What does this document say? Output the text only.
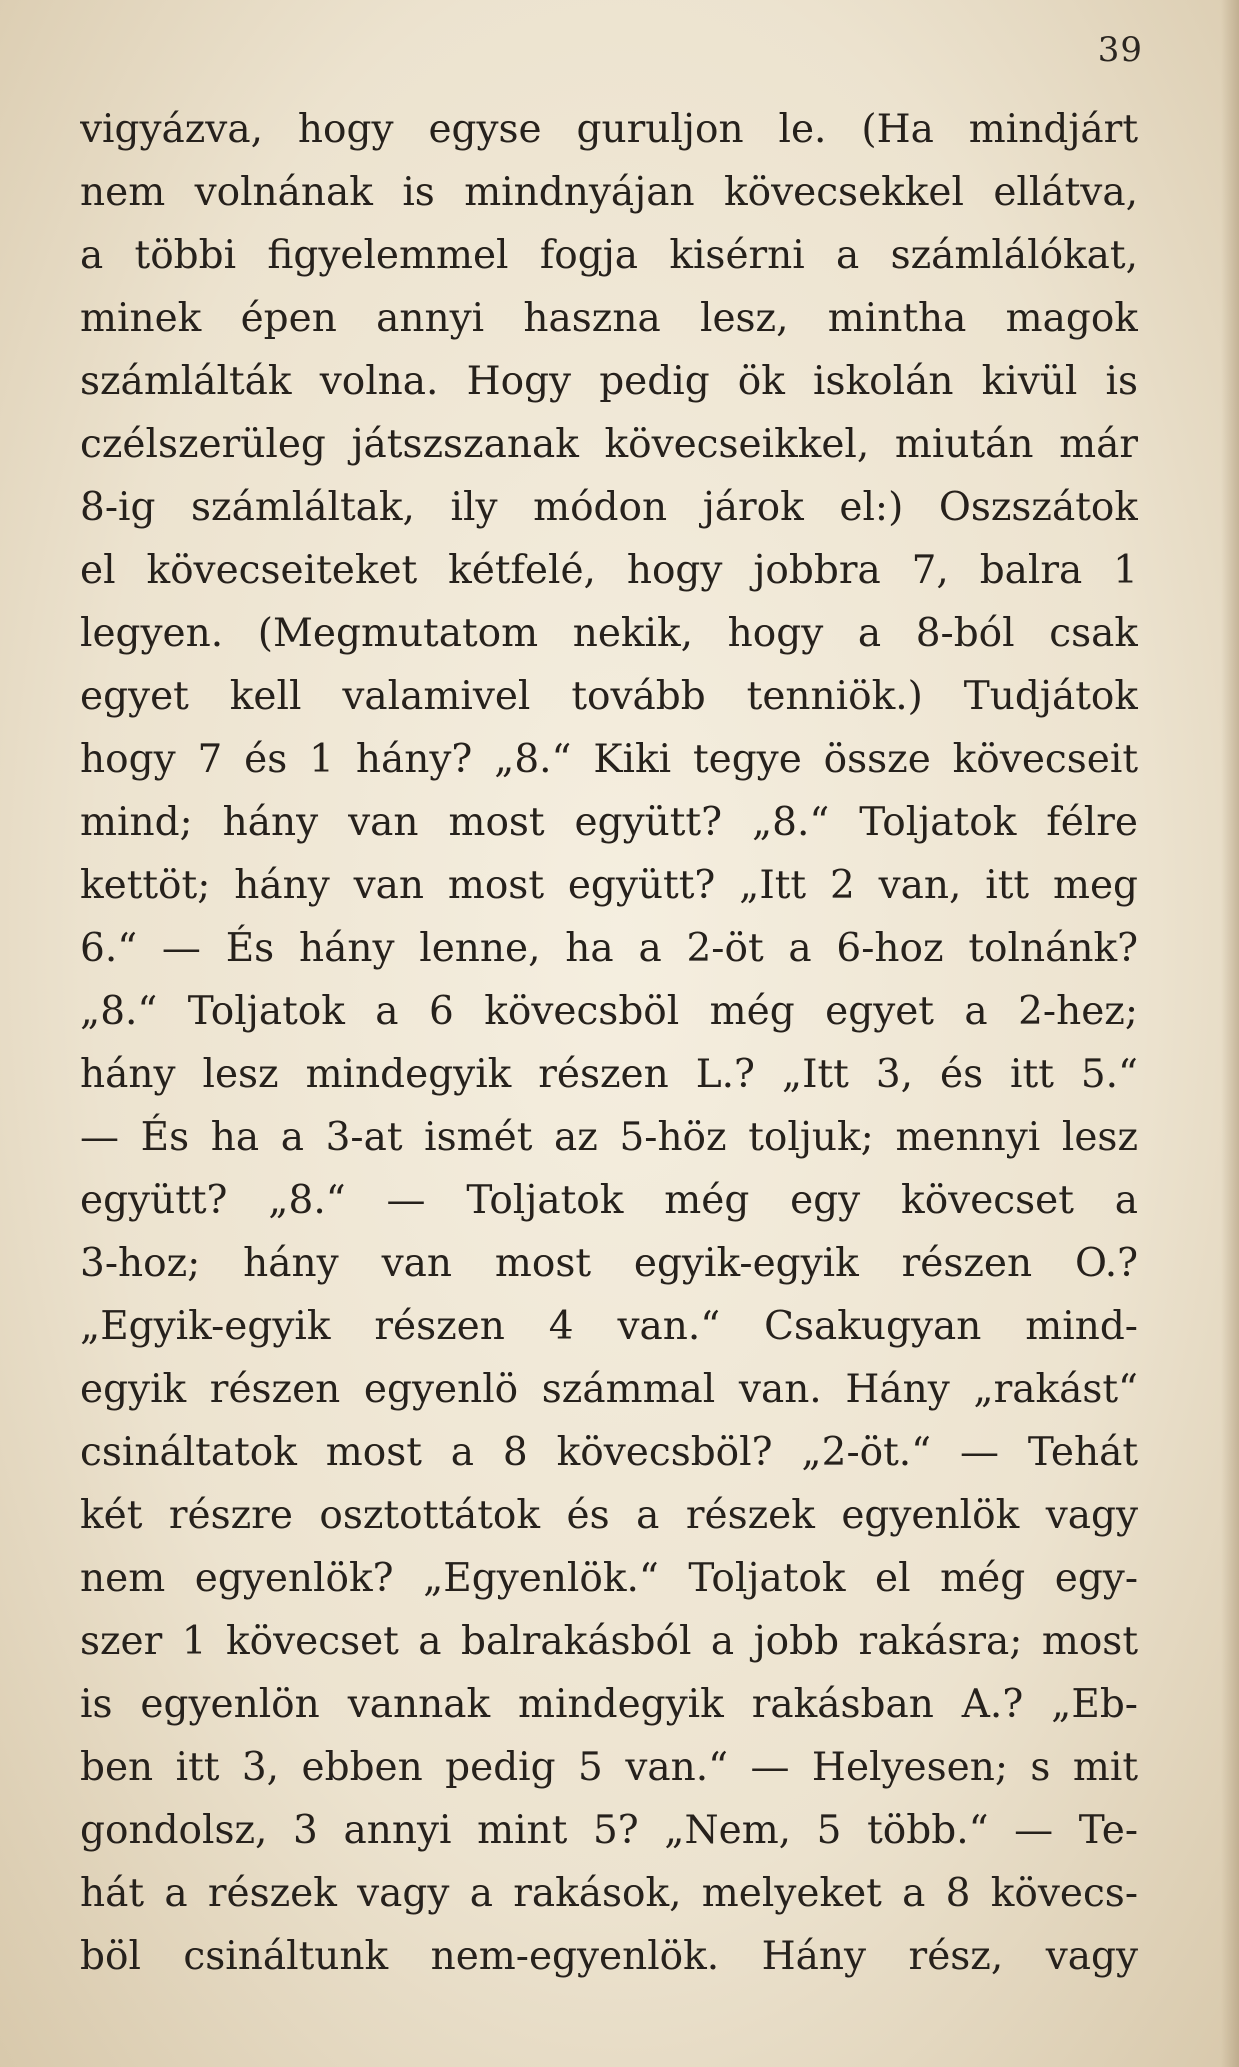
39
vigyázva, hogy egyse guruljon le. (Ha mindjárt
nem volnának is mindnyájan kövecsekkel ellátva,
a többi figyelemmel fogja kisérni a számlálókat,
minek épen annyi haszna lesz, mintha magok
számlálták volna. Hogy pedig ök iskolán kivül is
czélszerüleg játszszanak kövecseikkel, miután már
8-ig számláltak, ily módon járok el:) Oszszátok
el kövecseiteket kétfelé, hogy jobbra 7, balra 1
legyen. (Megmutatom nekik, hogy a 8-ból csak
egyet kell valamivel tovább tenniök.) Tudjátok
hogy 7 és 1 hány? „8.“ Kiki tegye össze kövecseit
mind; hány van most együtt? „8.“ Toljatok félre
kettöt; hány van most együtt? „Itt 2 van, itt meg
6.“ — És hány lenne, ha a 2-öt a 6-hoz tolnánk?
„8.“ Toljatok a 6 kövecsböl még egyet a 2-hez;
hány lesz mindegyik részen L.? „Itt 3, és itt 5.“
— És ha a 3-at ismét az 5-höz toljuk; mennyi lesz
együtt? „8.“ — Toljatok még egy kövecset a
3-hoz; hány van most egyik-egyik részen O.?
„Egyik-egyik részen 4 van.“ Csakugyan mind-
egyik részen egyenlö számmal van. Hány „rakást“
csináltatok most a 8 kövecsböl? „2-öt.“ — Tehát
két részre osztottátok és a részek egyenlök vagy
nem egyenlök? „Egyenlök.“ Toljatok el még egy-
szer 1 kövecset a balrakásból a jobb rakásra; most
is egyenlön vannak mindegyik rakásban A.? „Eb-
ben itt 3, ebben pedig 5 van.“ — Helyesen; s mit
gondolsz, 3 annyi mint 5? „Nem, 5 több.“ — Te-
hát a részek vagy a rakások, melyeket a 8 kövecs-
böl csináltunk nem-egyenlök. Hány rész, vagy
